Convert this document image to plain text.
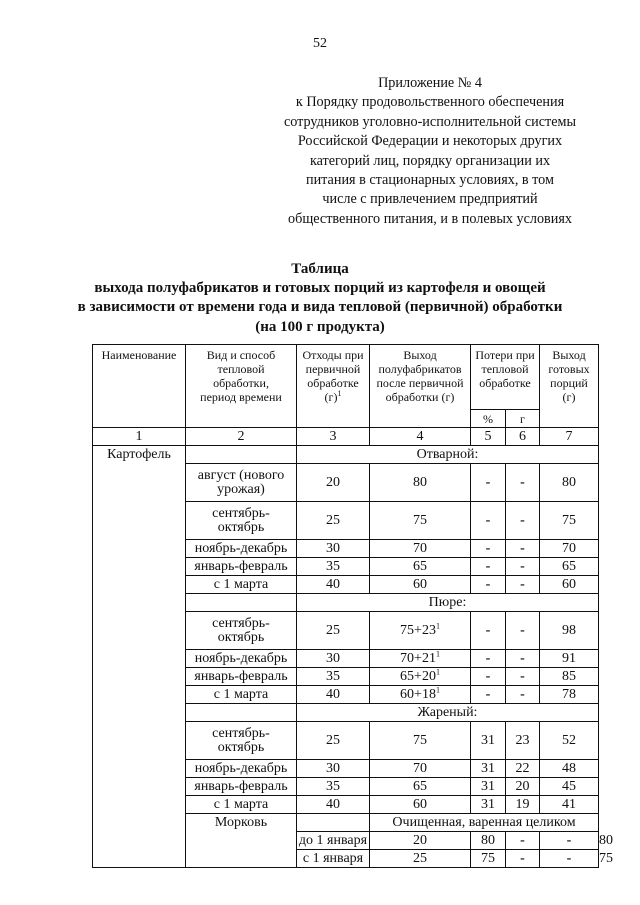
52
Приложение № 4
к Порядку продовольственного обеспечения
сотрудников уголовно-исполнительной системы
Российской Федерации и некоторых других
категорий лиц, порядку организации их
питания в стационарных условиях, в том
числе с привлечением предприятий
общественного питания, и в полевых условиях
Таблица
выхода полуфабрикатов и готовых порций из картофеля и овощей
в зависимости от времени года и вида тепловой (первичной) обработки
(на 100 г продукта)
Наименование	Вид и способ тепловой обработки, период времени	Отходы при первичной обработке $(г)^1$	Выход полуфабрикатов после первичной обработки (г)	Потери при тепловой обработке		Выход готовых порций (г)	
				%	г		
1	2	3	4	5	6	7	
Картофель		Отварной:					
	август (нового урожая)	20	80	-	-	80	
	сентябрь-октябрь	25	75	-	-	75	
	ноябрь-декабрь	30	70	-	-	70	
	январь-февраль	35	65	-	-	65	
	с 1 марта	40	60	-	-	60	
		Пюре:					
	сентябрь-октябрь	25	$75+23^1$	-	-	98	
	ноябрь-декабрь	30	$70+21^1$	-	-	91	
	январь-февраль	35	$65+20^1$	-	-	85	
	с 1 марта	40	$60+18^1$	-	-	78	
		Жареный:					
	сентябрь-октябрь	25	75	31	23	52	
	ноябрь-декабрь	30	70	31	22	48	
	январь-февраль	35	65	31	20	45	
	с 1 марта	40	60	31	19	41	
	Морковь		Очищенная, варенная целиком				
		до 1 января	20	80	-	-	80
		с 1 января	25	75	-	-	75
